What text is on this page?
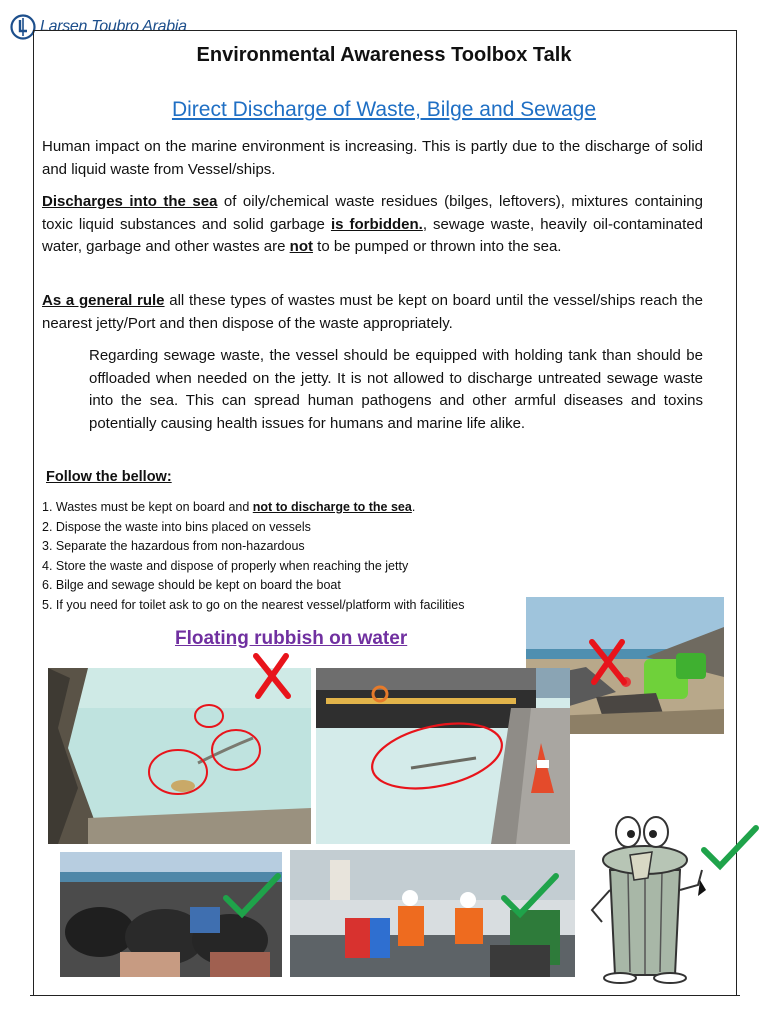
Larsen Toubro Arabia
Environmental Awareness Toolbox Talk
Direct Discharge of Waste, Bilge and Sewage

Human impact on the marine environment is increasing. This is partly due to the discharge of solid and liquid waste from Vessel/ships.

Discharges into the sea of oily/chemical waste residues (bilges, leftovers), mixtures containing toxic liquid substances and solid garbage is forbidden., sewage waste, heavily oil-contaminated water, garbage and other wastes are not to be pumped or thrown into the sea.

As a general rule all these types of wastes must be kept on board until the vessel/ships reach the nearest jetty/Port and then dispose of the waste appropriately.

Regarding sewage waste, the vessel should be equipped with holding tank than should be offloaded when needed on the jetty. It is not allowed to discharge untreated sewage waste into the sea. This can spread human pathogens and other armful diseases and toxins potentially causing health issues for humans and marine life alike.

Follow the bellow:
1. Wastes must be kept on board and not to discharge to the sea.
2. Dispose the waste into bins placed on vessels
3. Separate the hazardous from non-hazardous
4. Store the waste and dispose of properly when reaching the jetty
6. Bilge and sewage should be kept on board the boat
5. If you need for toilet ask to go on the nearest vessel/platform with facilities
Floating rubbish on water
